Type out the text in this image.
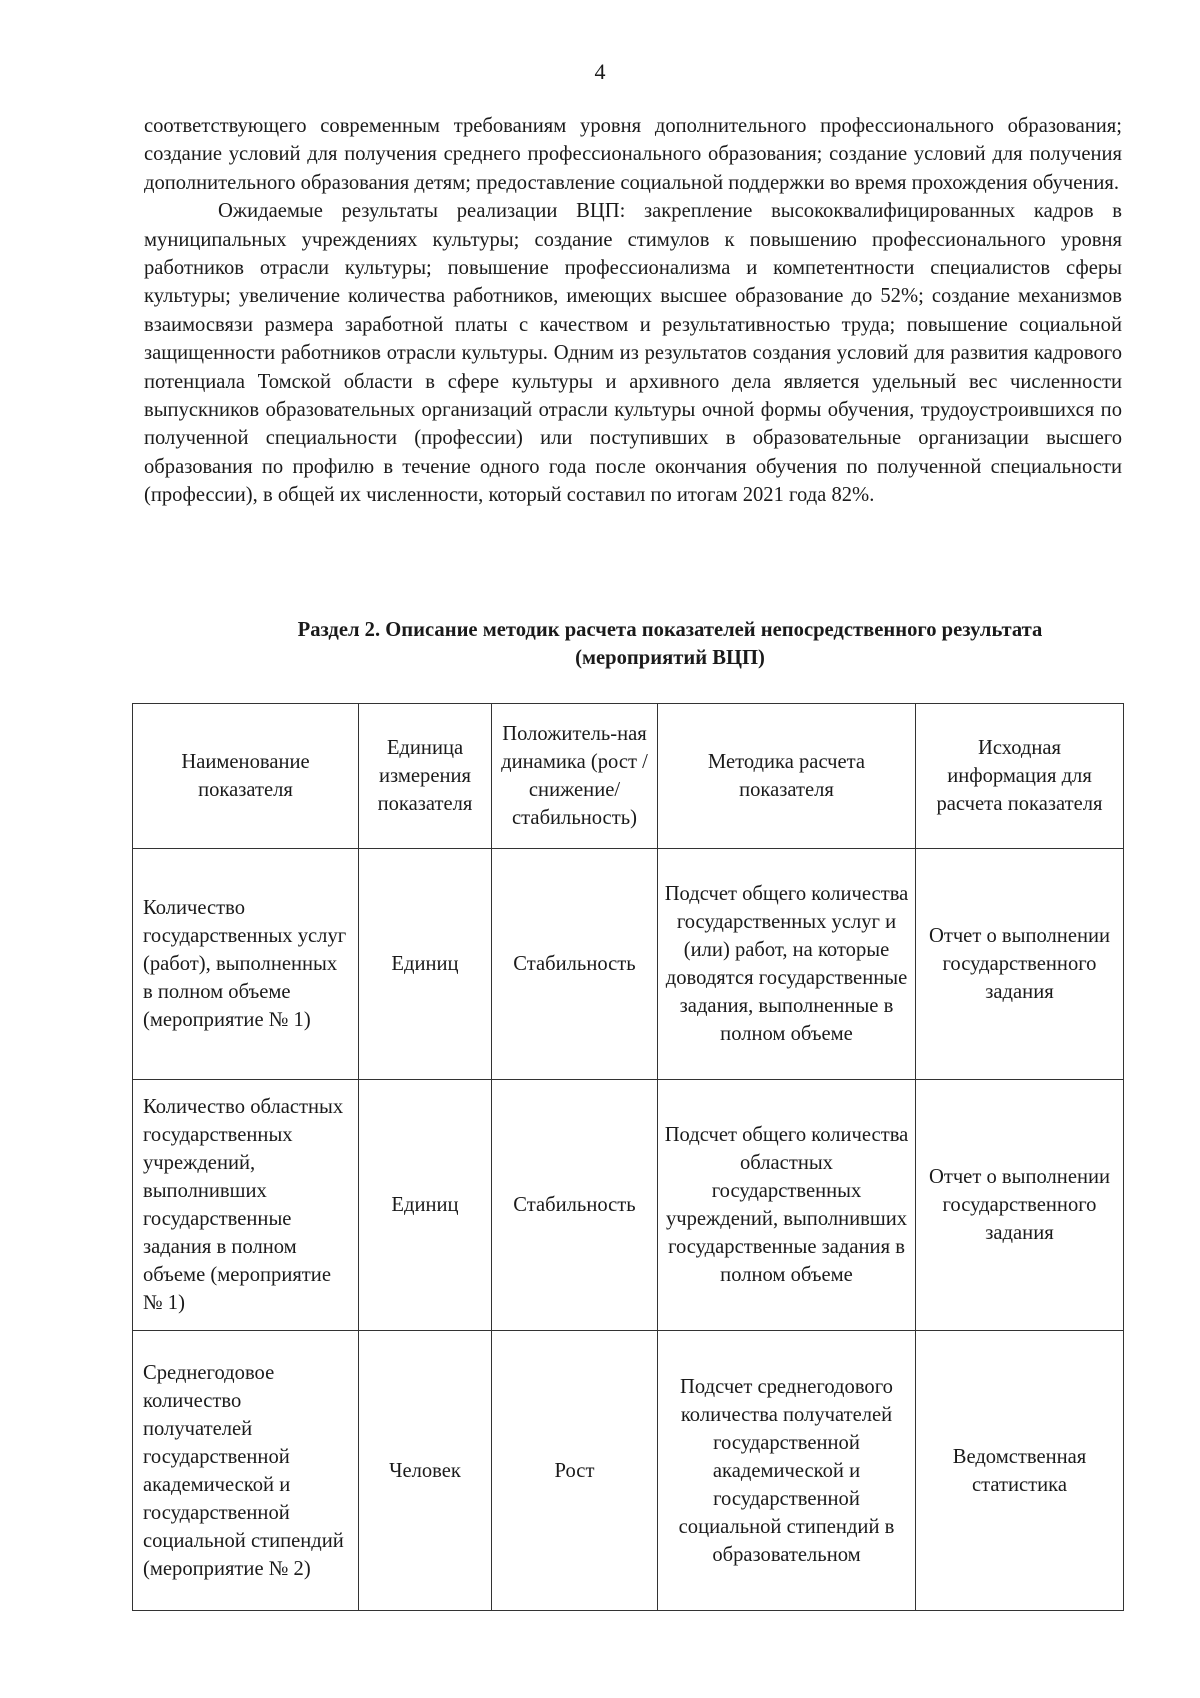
4

соответствующего современным требованиям уровня дополнительного профессионального образования; создание условий для получения среднего профессионального образования; создание условий для получения дополнительного образования детям; предоставление социальной поддержки во время прохождения обучения.

Ожидаемые результаты реализации ВЦП: закрепление высококвалифицированных кадров в муниципальных учреждениях культуры; создание стимулов к повышению профессионального уровня работников отрасли культуры; повышение профессионализма и компетентности специалистов сферы культуры; увеличение количества работников, имеющих высшее образование до 52%; создание механизмов взаимосвязи размера заработной платы с качеством и результативностью труда; повышение социальной защищенности работников отрасли культуры. Одним из результатов создания условий для развития кадрового потенциала Томской области в сфере культуры и архивного дела является удельный вес численности выпускников образовательных организаций отрасли культуры очной формы обучения, трудоустроившихся по полученной специальности (профессии) или поступивших в образовательные организации высшего образования по профилю в течение одного года после окончания обучения по полученной специальности (профессии), в общей их численности, который составил по итогам 2021 года 82%.

Раздел 2. Описание методик расчета показателей непосредственного результата
(мероприятий ВЦП)
Наименование показателя	Единица измерения показателя	Положитель-ная динамика (рост / снижение/ стабильность)	Методика расчета показателя	Исходная информация для расчета показателя
Количество государственных услуг (работ), выполненных в полном объеме (мероприятие № 1)	Единиц	Стабильность	Подсчет общего количества государственных услуг и (или) работ, на которые доводятся государственные задания, выполненные в полном объеме	Отчет о выполнении государственного задания
Количество областных государственных учреждений, выполнивших государственные задания в полном объеме (мероприятие № 1)	Единиц	Стабильность	Подсчет общего количества областных государственных учреждений, выполнивших государственные задания в полном объеме	Отчет о выполнении государственного задания
Среднегодовое количество получателей государственной академической и государственной социальной стипендий (мероприятие № 2)	Человек	Рост	Подсчет среднегодового количества получателей государственной академической и государственной социальной стипендий в образовательном	Ведомственная статистика
